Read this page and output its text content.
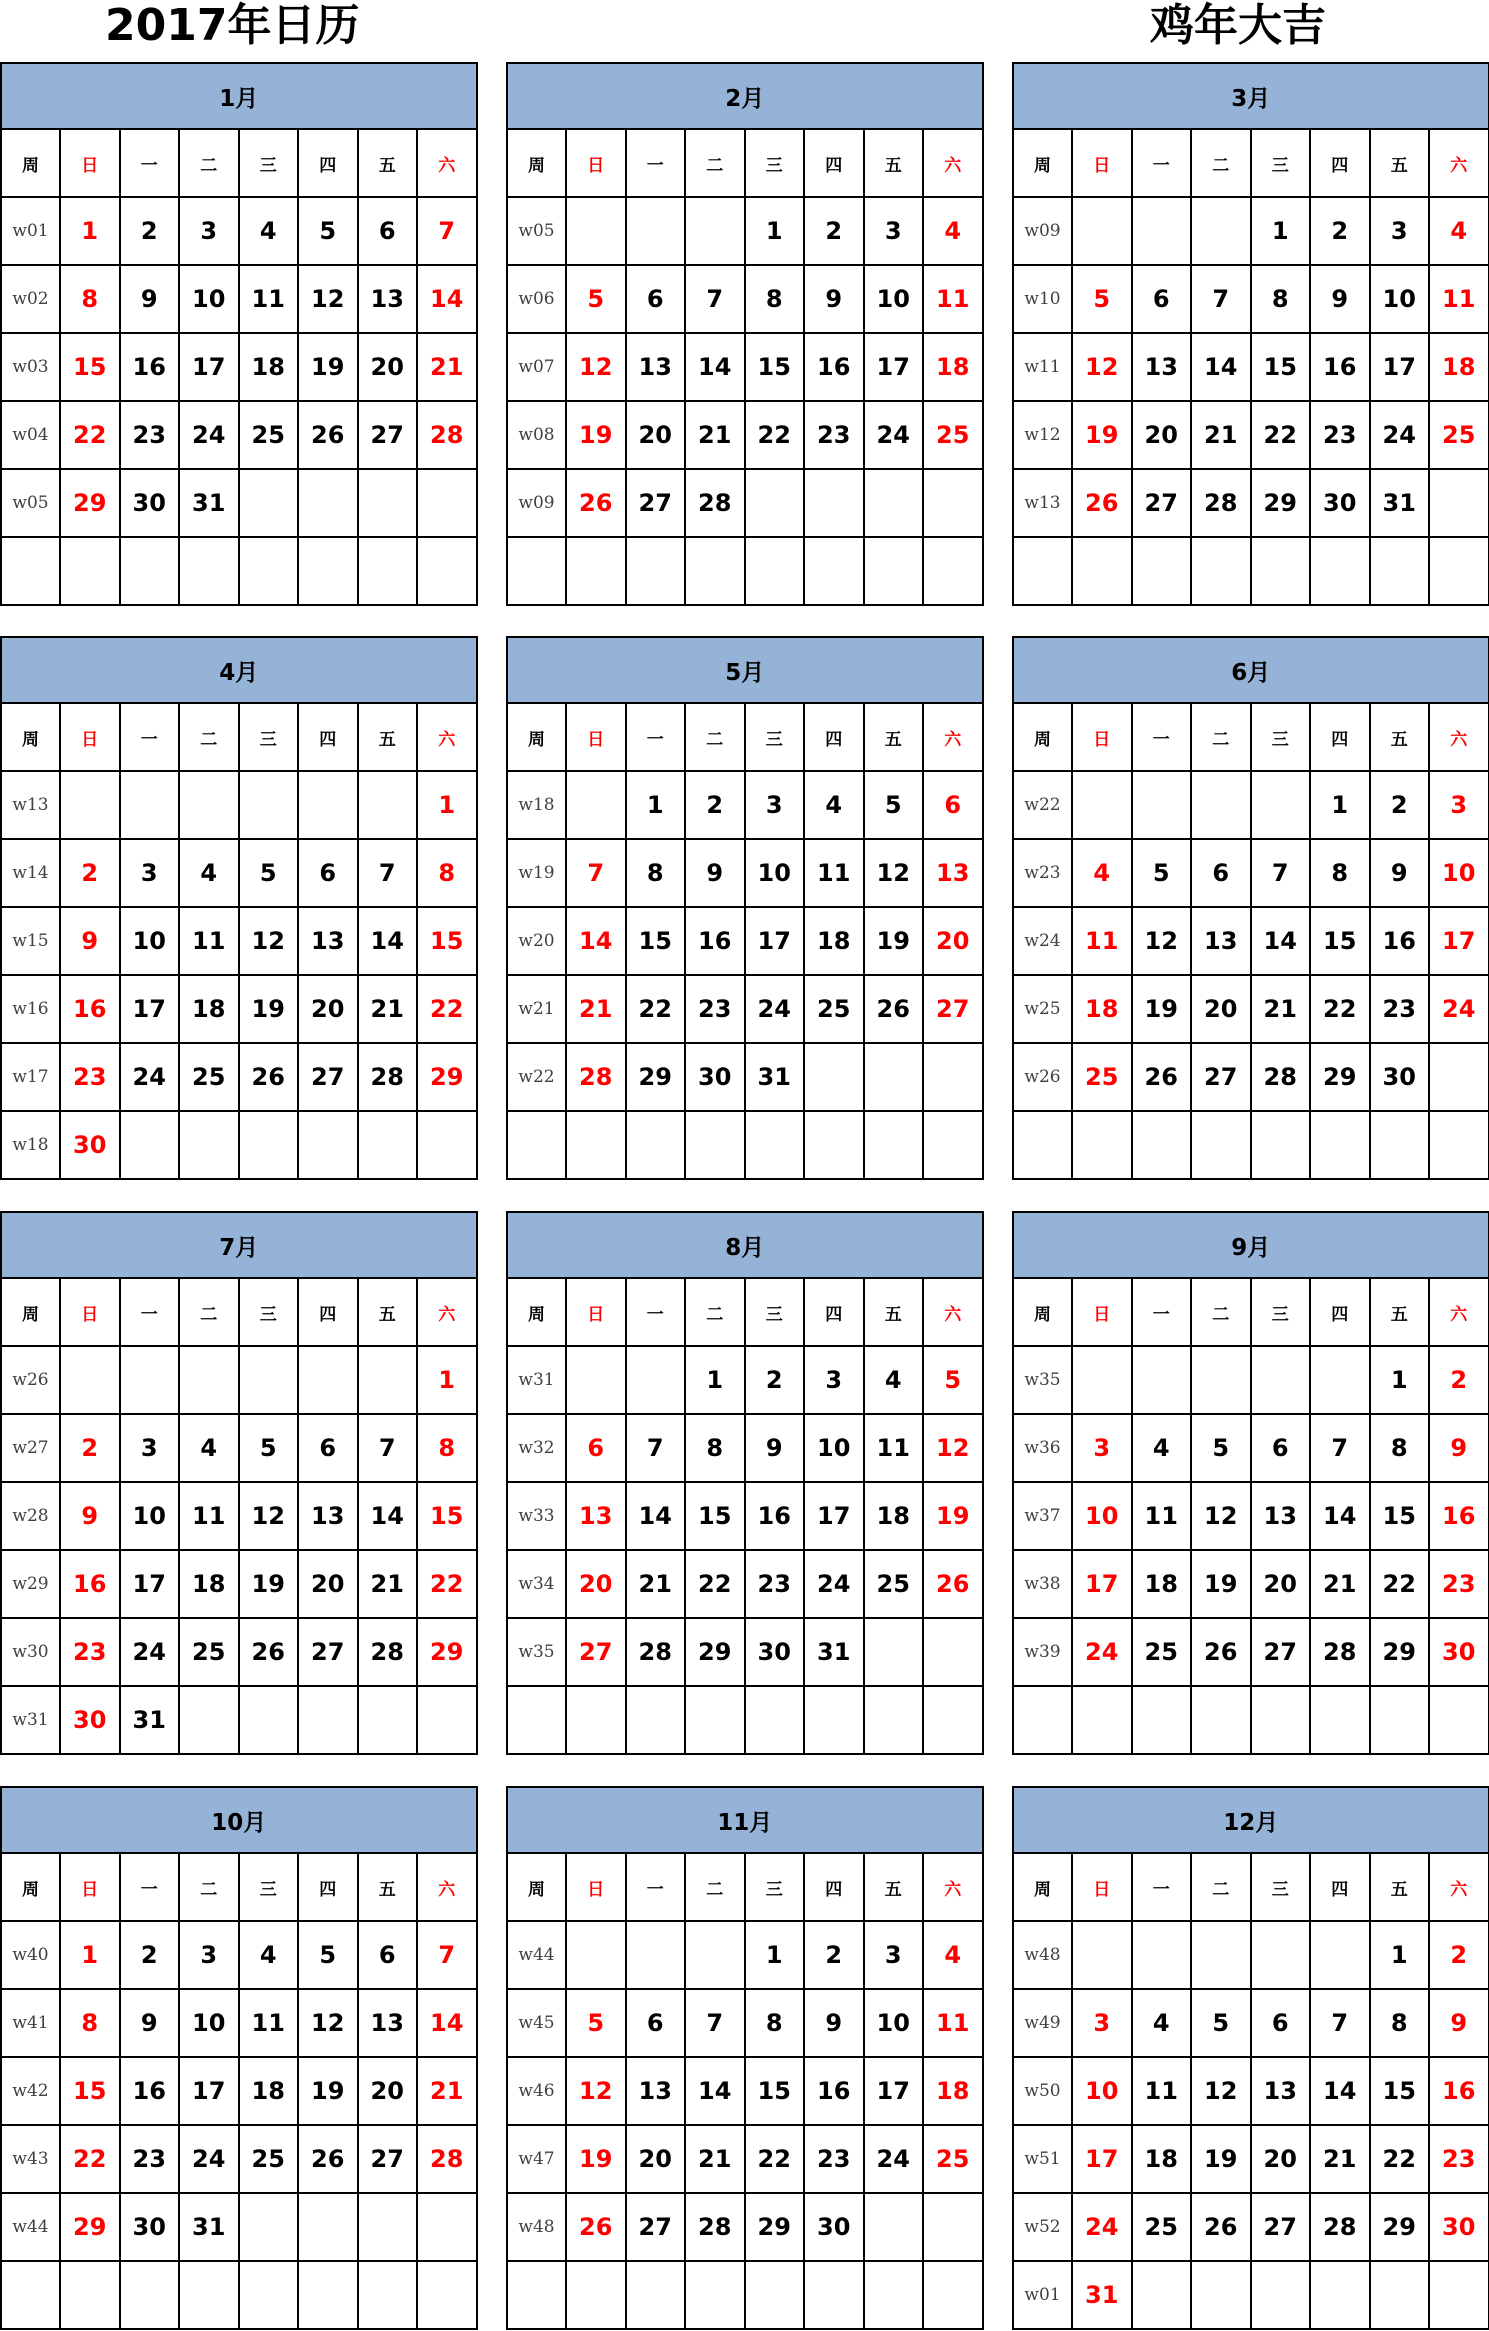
2017年日历	鸡年大吉
1月							
周	日	一	二	三	四	五	六
w01	1	2	3	4	5	6	7
w02	8	9	10	11	12	13	14
w03	15	16	17	18	19	20	21
w04	22	23	24	25	26	27	28
w05	29	30	31				

2月							
周	日	一	二	三	四	五	六
w05				1	2	3	4
w06	5	6	7	8	9	10	11
w07	12	13	14	15	16	17	18
w08	19	20	21	22	23	24	25
w09	26	27	28				

3月							
周	日	一	二	三	四	五	六
w09				1	2	3	4
w10	5	6	7	8	9	10	11
w11	12	13	14	15	16	17	18
w12	19	20	21	22	23	24	25
w13	26	27	28	29	30	31	

4月							
周	日	一	二	三	四	五	六
w13							1
w14	2	3	4	5	6	7	8
w15	9	10	11	12	13	14	15
w16	16	17	18	19	20	21	22
w17	23	24	25	26	27	28	29
w18	30						
5月							
周	日	一	二	三	四	五	六
w18		1	2	3	4	5	6
w19	7	8	9	10	11	12	13
w20	14	15	16	17	18	19	20
w21	21	22	23	24	25	26	27
w22	28	29	30	31			

6月							
周	日	一	二	三	四	五	六
w22					1	2	3
w23	4	5	6	7	8	9	10
w24	11	12	13	14	15	16	17
w25	18	19	20	21	22	23	24
w26	25	26	27	28	29	30	

7月							
周	日	一	二	三	四	五	六
w26							1
w27	2	3	4	5	6	7	8
w28	9	10	11	12	13	14	15
w29	16	17	18	19	20	21	22
w30	23	24	25	26	27	28	29
w31	30	31					
8月							
周	日	一	二	三	四	五	六
w31			1	2	3	4	5
w32	6	7	8	9	10	11	12
w33	13	14	15	16	17	18	19
w34	20	21	22	23	24	25	26
w35	27	28	29	30	31		

9月							
周	日	一	二	三	四	五	六
w35						1	2
w36	3	4	5	6	7	8	9
w37	10	11	12	13	14	15	16
w38	17	18	19	20	21	22	23
w39	24	25	26	27	28	29	30

10月							
周	日	一	二	三	四	五	六
w40	1	2	3	4	5	6	7
w41	8	9	10	11	12	13	14
w42	15	16	17	18	19	20	21
w43	22	23	24	25	26	27	28
w44	29	30	31				

11月							
周	日	一	二	三	四	五	六
w44				1	2	3	4
w45	5	6	7	8	9	10	11
w46	12	13	14	15	16	17	18
w47	19	20	21	22	23	24	25
w48	26	27	28	29	30		

12月							
周	日	一	二	三	四	五	六
w48						1	2
w49	3	4	5	6	7	8	9
w50	10	11	12	13	14	15	16
w51	17	18	19	20	21	22	23
w52	24	25	26	27	28	29	30
w01	31						
